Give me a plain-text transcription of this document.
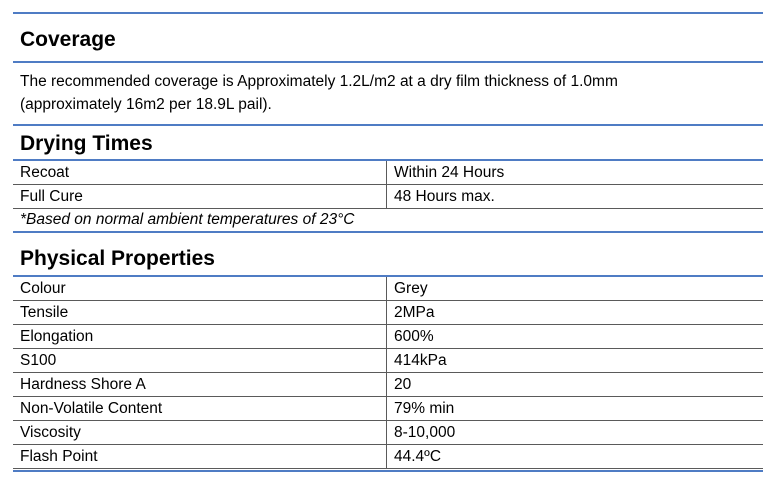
Coverage
The recommended coverage is Approximately 1.2L/m2 at a dry film thickness of 1.0mm
(approximately 16m2 per 18.9L pail).
Drying Times
Recoat	Within 24 Hours
Full Cure	48 Hours max.
*Based on normal ambient temperatures of 23°C
Physical Properties
Colour	Grey
Tensile	2MPa
Elongation	600%
S100	414kPa
Hardness Shore A	20
Non-Volatile Content	79% min
Viscosity	8-10,000
Flash Point	44.4ºC
